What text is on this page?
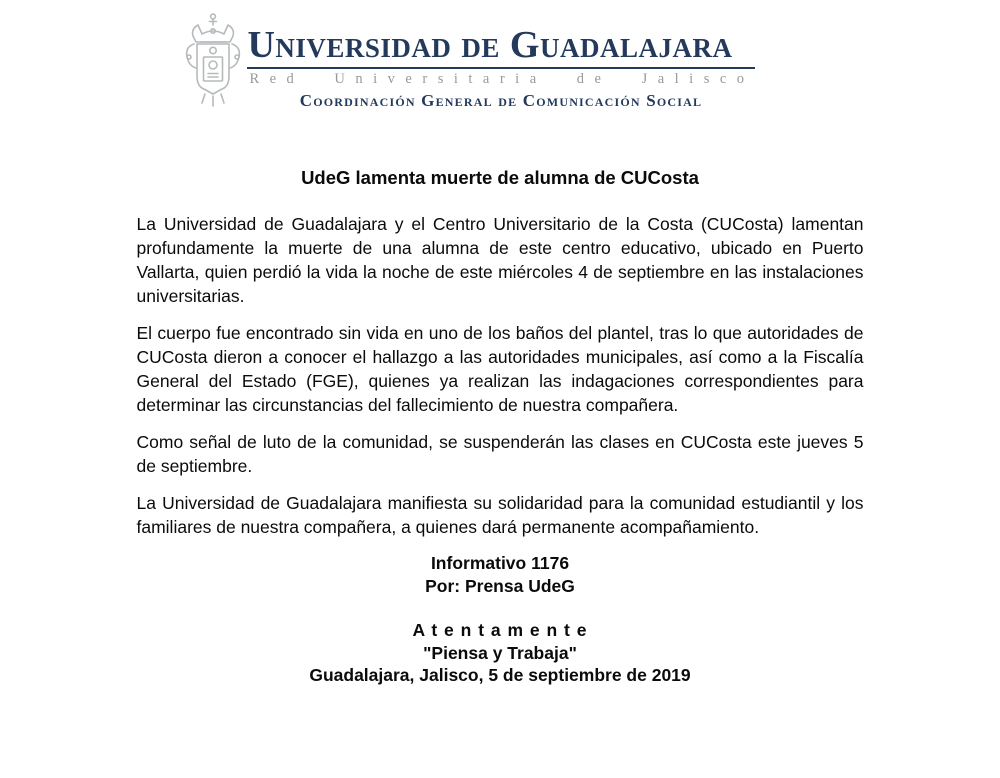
Universidad de Guadalajara
Red Universitaria de Jalisco
Coordinación General de Comunicación Social
UdeG lamenta muerte de alumna de CUCosta

La Universidad de Guadalajara y el Centro Universitario de la Costa (CUCosta) lamentan profundamente la muerte de una alumna de este centro educativo, ubicado en Puerto Vallarta, quien perdió la vida la noche de este miércoles 4 de septiembre en las instalaciones universitarias.

El cuerpo fue encontrado sin vida en uno de los baños del plantel, tras lo que autoridades de CUCosta dieron a conocer el hallazgo a las autoridades municipales, así como a la Fiscalía General del Estado (FGE), quienes ya realizan las indagaciones correspondientes para determinar las circunstancias del fallecimiento de nuestra compañera.

Como señal de luto de la comunidad, se suspenderán las clases en CUCosta este jueves 5 de septiembre.

La Universidad de Guadalajara manifiesta su solidaridad para la comunidad estudiantil y los familiares de nuestra compañera, a quienes dará permanente acompañamiento.

Informativo 1176
Por: Prensa UdeG
A t e n t a m e n t e
"Piensa y Trabaja"
Guadalajara, Jalisco, 5 de septiembre de 2019
